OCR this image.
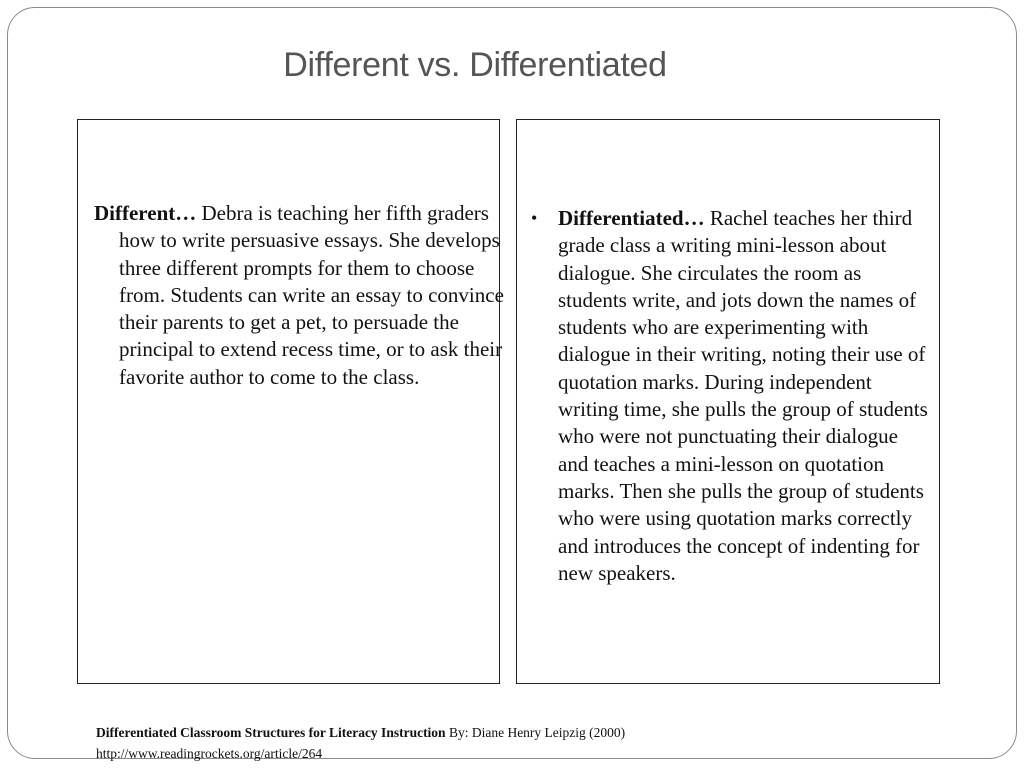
Different vs. Differentiated
Different… Debra is teaching her fifth graders how to write persuasive essays. She develops three different prompts for them to choose from. Students can write an essay to convince their parents to get a pet, to persuade the principal to extend recess time, or to ask their favorite author to come to the class.
• Differentiated… Rachel teaches her third grade class a writing mini-lesson about dialogue. She circulates the room as students write, and jots down the names of students who are experimenting with dialogue in their writing, noting their use of quotation marks. During independent writing time, she pulls the group of students who were not punctuating their dialogue and teaches a mini-lesson on quotation marks. Then she pulls the group of students who were using quotation marks correctly and introduces the concept of indenting for new speakers.
Differentiated Classroom Structures for Literacy Instruction By: Diane Henry Leipzig (2000)
http://www.readingrockets.org/article/264
